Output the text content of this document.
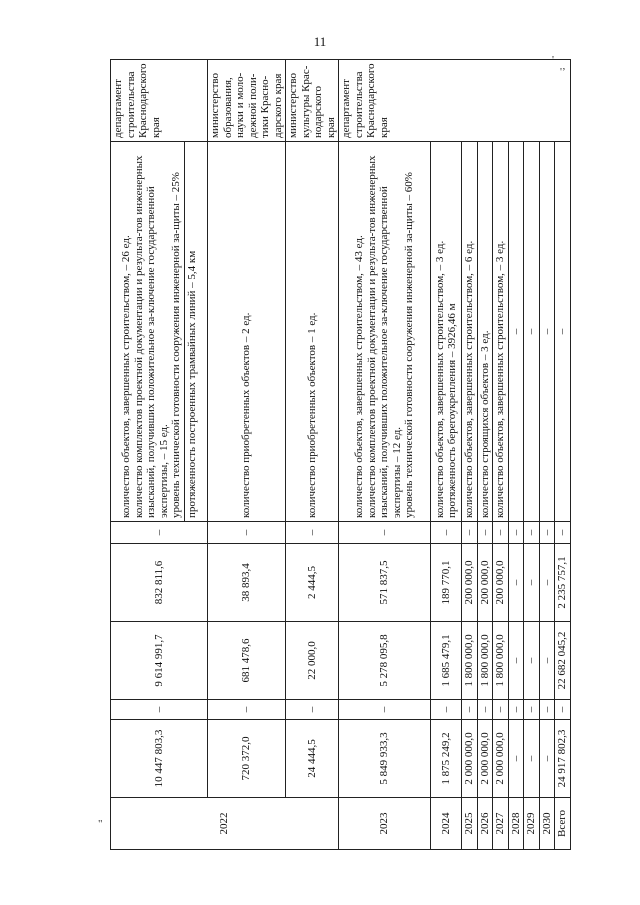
11
"
'
'’
2022	10 447 803,3	–	9 614 991,7	832 811,6	–	количество объектов, завершенных строительством, – 26 ед.
количество комплектов проектной документации и результа-тов инженерных изысканий, получивших положительное за-ключение государственной экспертизы, – 15 ед.
уровень технической готовности сооружения инженерной за-щиты – 25%
протяженность построенных трамвайных линий – 5,4 км	департамент строительства Краснодарского края
	720 372,0	–	681 478,6	38 893,4	–	количество приобретенных объектов – 2 ед.	министерство образования, науки и моло-дежной поли-тики Красно-дарского края
	24 444,5	–	22 000,0	2 444,5	–	количество приобретенных объектов – 1 ед.	министерство культуры Крас-нодарского края
2023	5 849 933,3	–	5 278 095,8	571 837,5	–	количество объектов, завершенных строительством, – 43 ед.
количество комплектов проектной документации и результа-тов инженерных изысканий, получивших положительное за-ключение государственной экспертизы – 12 ед.
уровень технической готовности сооружения инженерной за-щиты – 60%	департамент строительства Краснодарского края
2024	1 875 249,2	–	1 685 479,1	189 770,1	–	количество объектов, завершенных строительством, – 3 ед.
протяженность берегоукрепления – 3926,46 м	
2025	2 000 000,0	–	1 800 000,0	200 000,0	–	количество объектов, завершенных строительством, – 6 ед.	
2026	2 000 000,0	–	1 800 000,0	200 000,0	–	количество строящихся объектов – 3 ед.	
2027	2 000 000,0	–	1 800 000,0	200 000,0	–	количество объектов, завершенных строительством, – 3 ед.	
2028	–	–	–	–	–	–	
2029	–	–	–	–	–	–	
2030	–	–	–	–	–	–	
Всего	24 917 802,3	–	22 682 045,2	2 235 757,1	–	–	
